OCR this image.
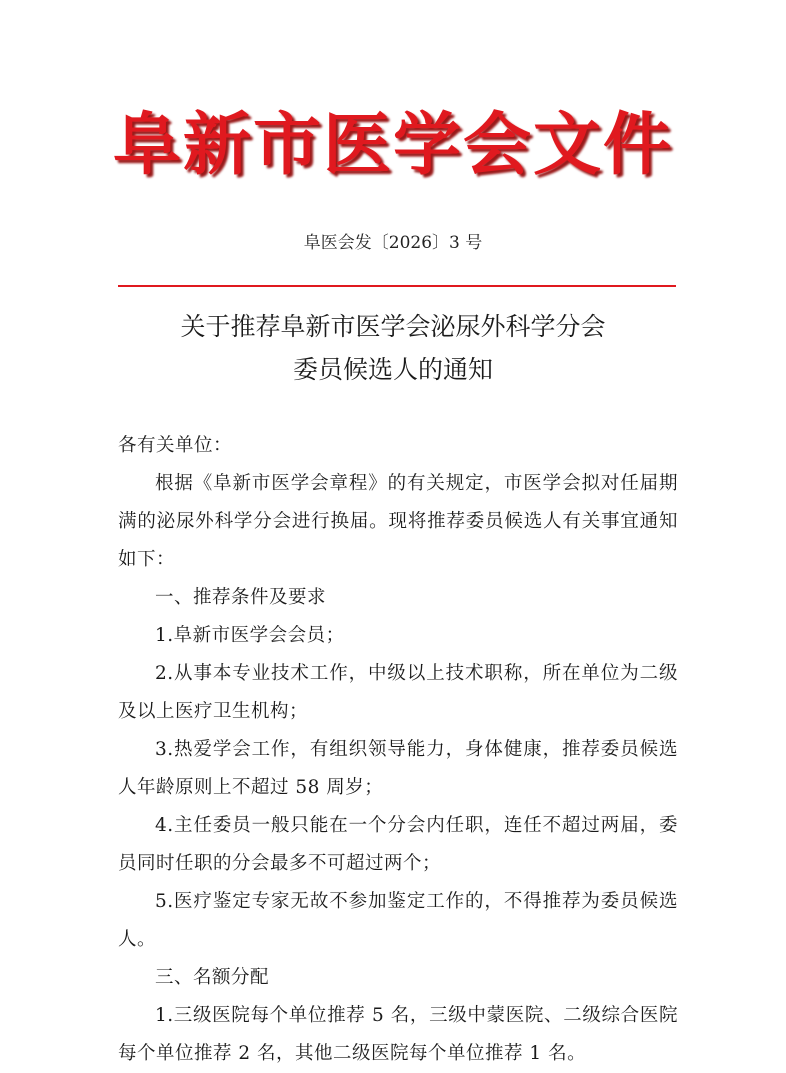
阜新市医学会文件
阜医会发〔2026〕3 号
关于推荐阜新市医学会泌尿外科学分会
委员候选人的通知

各有关单位：

根据《阜新市医学会章程》的有关规定，市医学会拟对任届期满的泌尿外科学分会进行换届。现将推荐委员候选人有关事宜通知如下：

一、推荐条件及要求

1.阜新市医学会会员；

2.从事本专业技术工作，中级以上技术职称，所在单位为二级及以上医疗卫生机构；

3.热爱学会工作，有组织领导能力，身体健康，推荐委员候选人年龄原则上不超过 58 周岁；

4.主任委员一般只能在一个分会内任职，连任不超过两届，委员同时任职的分会最多不可超过两个；

5.医疗鉴定专家无故不参加鉴定工作的，不得推荐为委员候选人。

三、名额分配

1.三级医院每个单位推荐 5 名，三级中蒙医院、二级综合医院每个单位推荐 2 名，其他二级医院每个单位推荐 1 名。
